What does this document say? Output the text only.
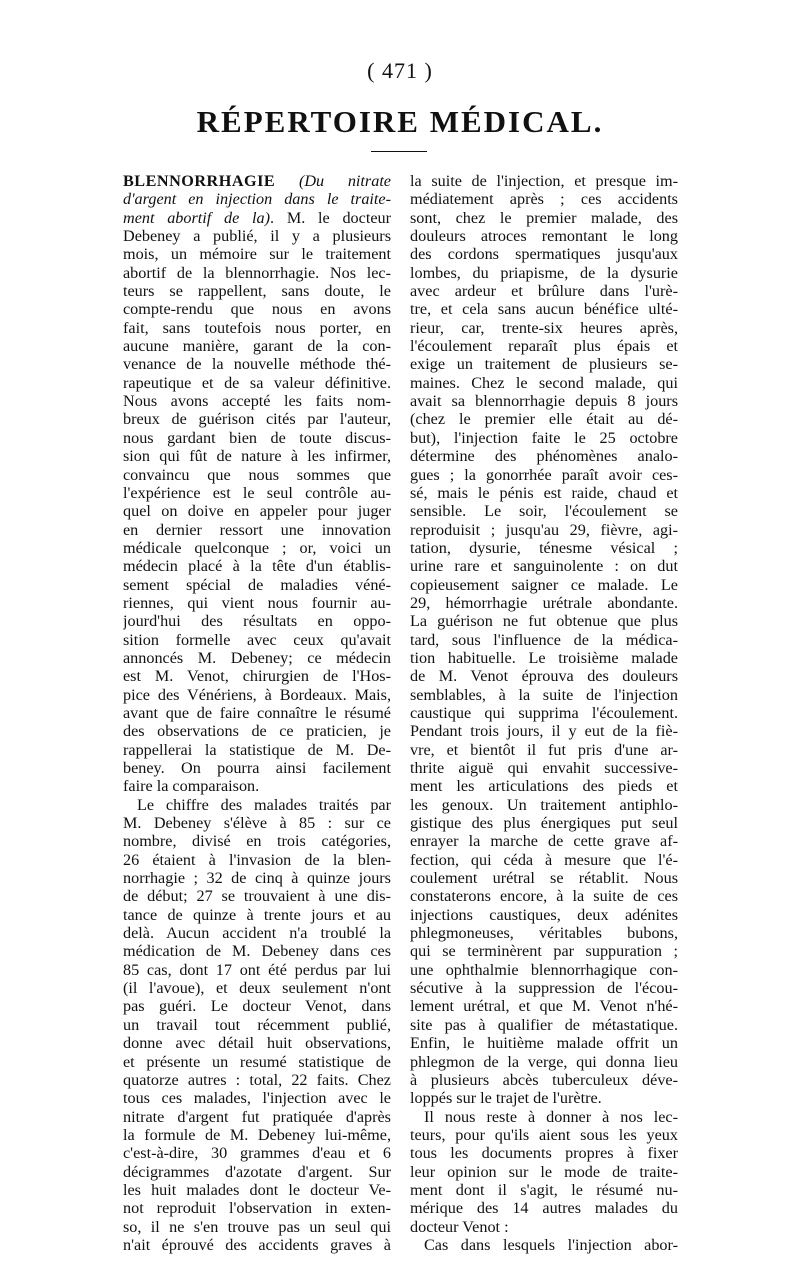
( 471 )
RÉPERTOIRE MÉDICAL.
BLENNORRHAGIE (Du nitrate
d'argent en injection dans le traite-
ment abortif de la). M. le docteur
Debeney a publié, il y a plusieurs
mois, un mémoire sur le traitement
abortif de la blennorrhagie. Nos lec-
teurs se rappellent, sans doute, le
compte-rendu que nous en avons
fait, sans toutefois nous porter, en
aucune manière, garant de la con-
venance de la nouvelle méthode thé-
rapeutique et de sa valeur définitive.
Nous avons accepté les faits nom-
breux de guérison cités par l'auteur,
nous gardant bien de toute discus-
sion qui fût de nature à les infirmer,
convaincu que nous sommes que
l'expérience est le seul contrôle au-
quel on doive en appeler pour juger
en dernier ressort une innovation
médicale quelconque ; or, voici un
médecin placé à la tête d'un établis-
sement spécial de maladies véné-
riennes, qui vient nous fournir au-
jourd'hui des résultats en oppo-
sition formelle avec ceux qu'avait
annoncés M. Debeney; ce médecin
est M. Venot, chirurgien de l'Hos-
pice des Vénériens, à Bordeaux. Mais,
avant que de faire connaître le résumé
des observations de ce praticien, je
rappellerai la statistique de M. De-
beney. On pourra ainsi facilement
faire la comparaison.
Le chiffre des malades traités par
M. Debeney s'élève à 85 : sur ce
nombre, divisé en trois catégories,
26 étaient à l'invasion de la blen-
norrhagie ; 32 de cinq à quinze jours
de début; 27 se trouvaient à une dis-
tance de quinze à trente jours et au
delà. Aucun accident n'a troublé la
médication de M. Debeney dans ces
85 cas, dont 17 ont été perdus par lui
(il l'avoue), et deux seulement n'ont
pas guéri. Le docteur Venot, dans
un travail tout récemment publié,
donne avec détail huit observations,
et présente un resumé statistique de
quatorze autres : total, 22 faits. Chez
tous ces malades, l'injection avec le
nitrate d'argent fut pratiquée d'après
la formule de M. Debeney lui-même,
c'est-à-dire, 30 grammes d'eau et 6
décigrammes d'azotate d'argent. Sur
les huit malades dont le docteur Ve-
not reproduit l'observation in exten-
so, il ne s'en trouve pas un seul qui
n'ait éprouvé des accidents graves à
la suite de l'injection, et presque im-
médiatement après ; ces accidents
sont, chez le premier malade, des
douleurs atroces remontant le long
des cordons spermatiques jusqu'aux
lombes, du priapisme, de la dysurie
avec ardeur et brûlure dans l'urè-
tre, et cela sans aucun bénéfice ulté-
rieur, car, trente-six heures après,
l'écoulement reparaît plus épais et
exige un traitement de plusieurs se-
maines. Chez le second malade, qui
avait sa blennorrhagie depuis 8 jours
(chez le premier elle était au dé-
but), l'injection faite le 25 octobre
détermine des phénomènes analo-
gues ; la gonorrhée paraît avoir ces-
sé, mais le pénis est raide, chaud et
sensible. Le soir, l'écoulement se
reproduisit ; jusqu'au 29, fièvre, agi-
tation, dysurie, ténesme vésical ;
urine rare et sanguinolente : on dut
copieusement saigner ce malade. Le
29, hémorrhagie urétrale abondante.
La guérison ne fut obtenue que plus
tard, sous l'influence de la médica-
tion habituelle. Le troisième malade
de M. Venot éprouva des douleurs
semblables, à la suite de l'injection
caustique qui supprima l'écoulement.
Pendant trois jours, il y eut de la fiè-
vre, et bientôt il fut pris d'une ar-
thrite aiguë qui envahit successive-
ment les articulations des pieds et
les genoux. Un traitement antiphlo-
gistique des plus énergiques put seul
enrayer la marche de cette grave af-
fection, qui céda à mesure que l'é-
coulement urétral se rétablit. Nous
constaterons encore, à la suite de ces
injections caustiques, deux adénites
phlegmoneuses, véritables bubons,
qui se terminèrent par suppuration ;
une ophthalmie blennorrhagique con-
sécutive à la suppression de l'écou-
lement urétral, et que M. Venot n'hé-
site pas à qualifier de métastatique.
Enfin, le huitième malade offrit un
phlegmon de la verge, qui donna lieu
à plusieurs abcès tuberculeux déve-
loppés sur le trajet de l'urètre.
Il nous reste à donner à nos lec-
teurs, pour qu'ils aient sous les yeux
tous les documents propres à fixer
leur opinion sur le mode de traite-
ment dont il s'agit, le résumé nu-
mérique des 14 autres malades du
docteur Venot :
Cas dans lesquels l'injection abor-
